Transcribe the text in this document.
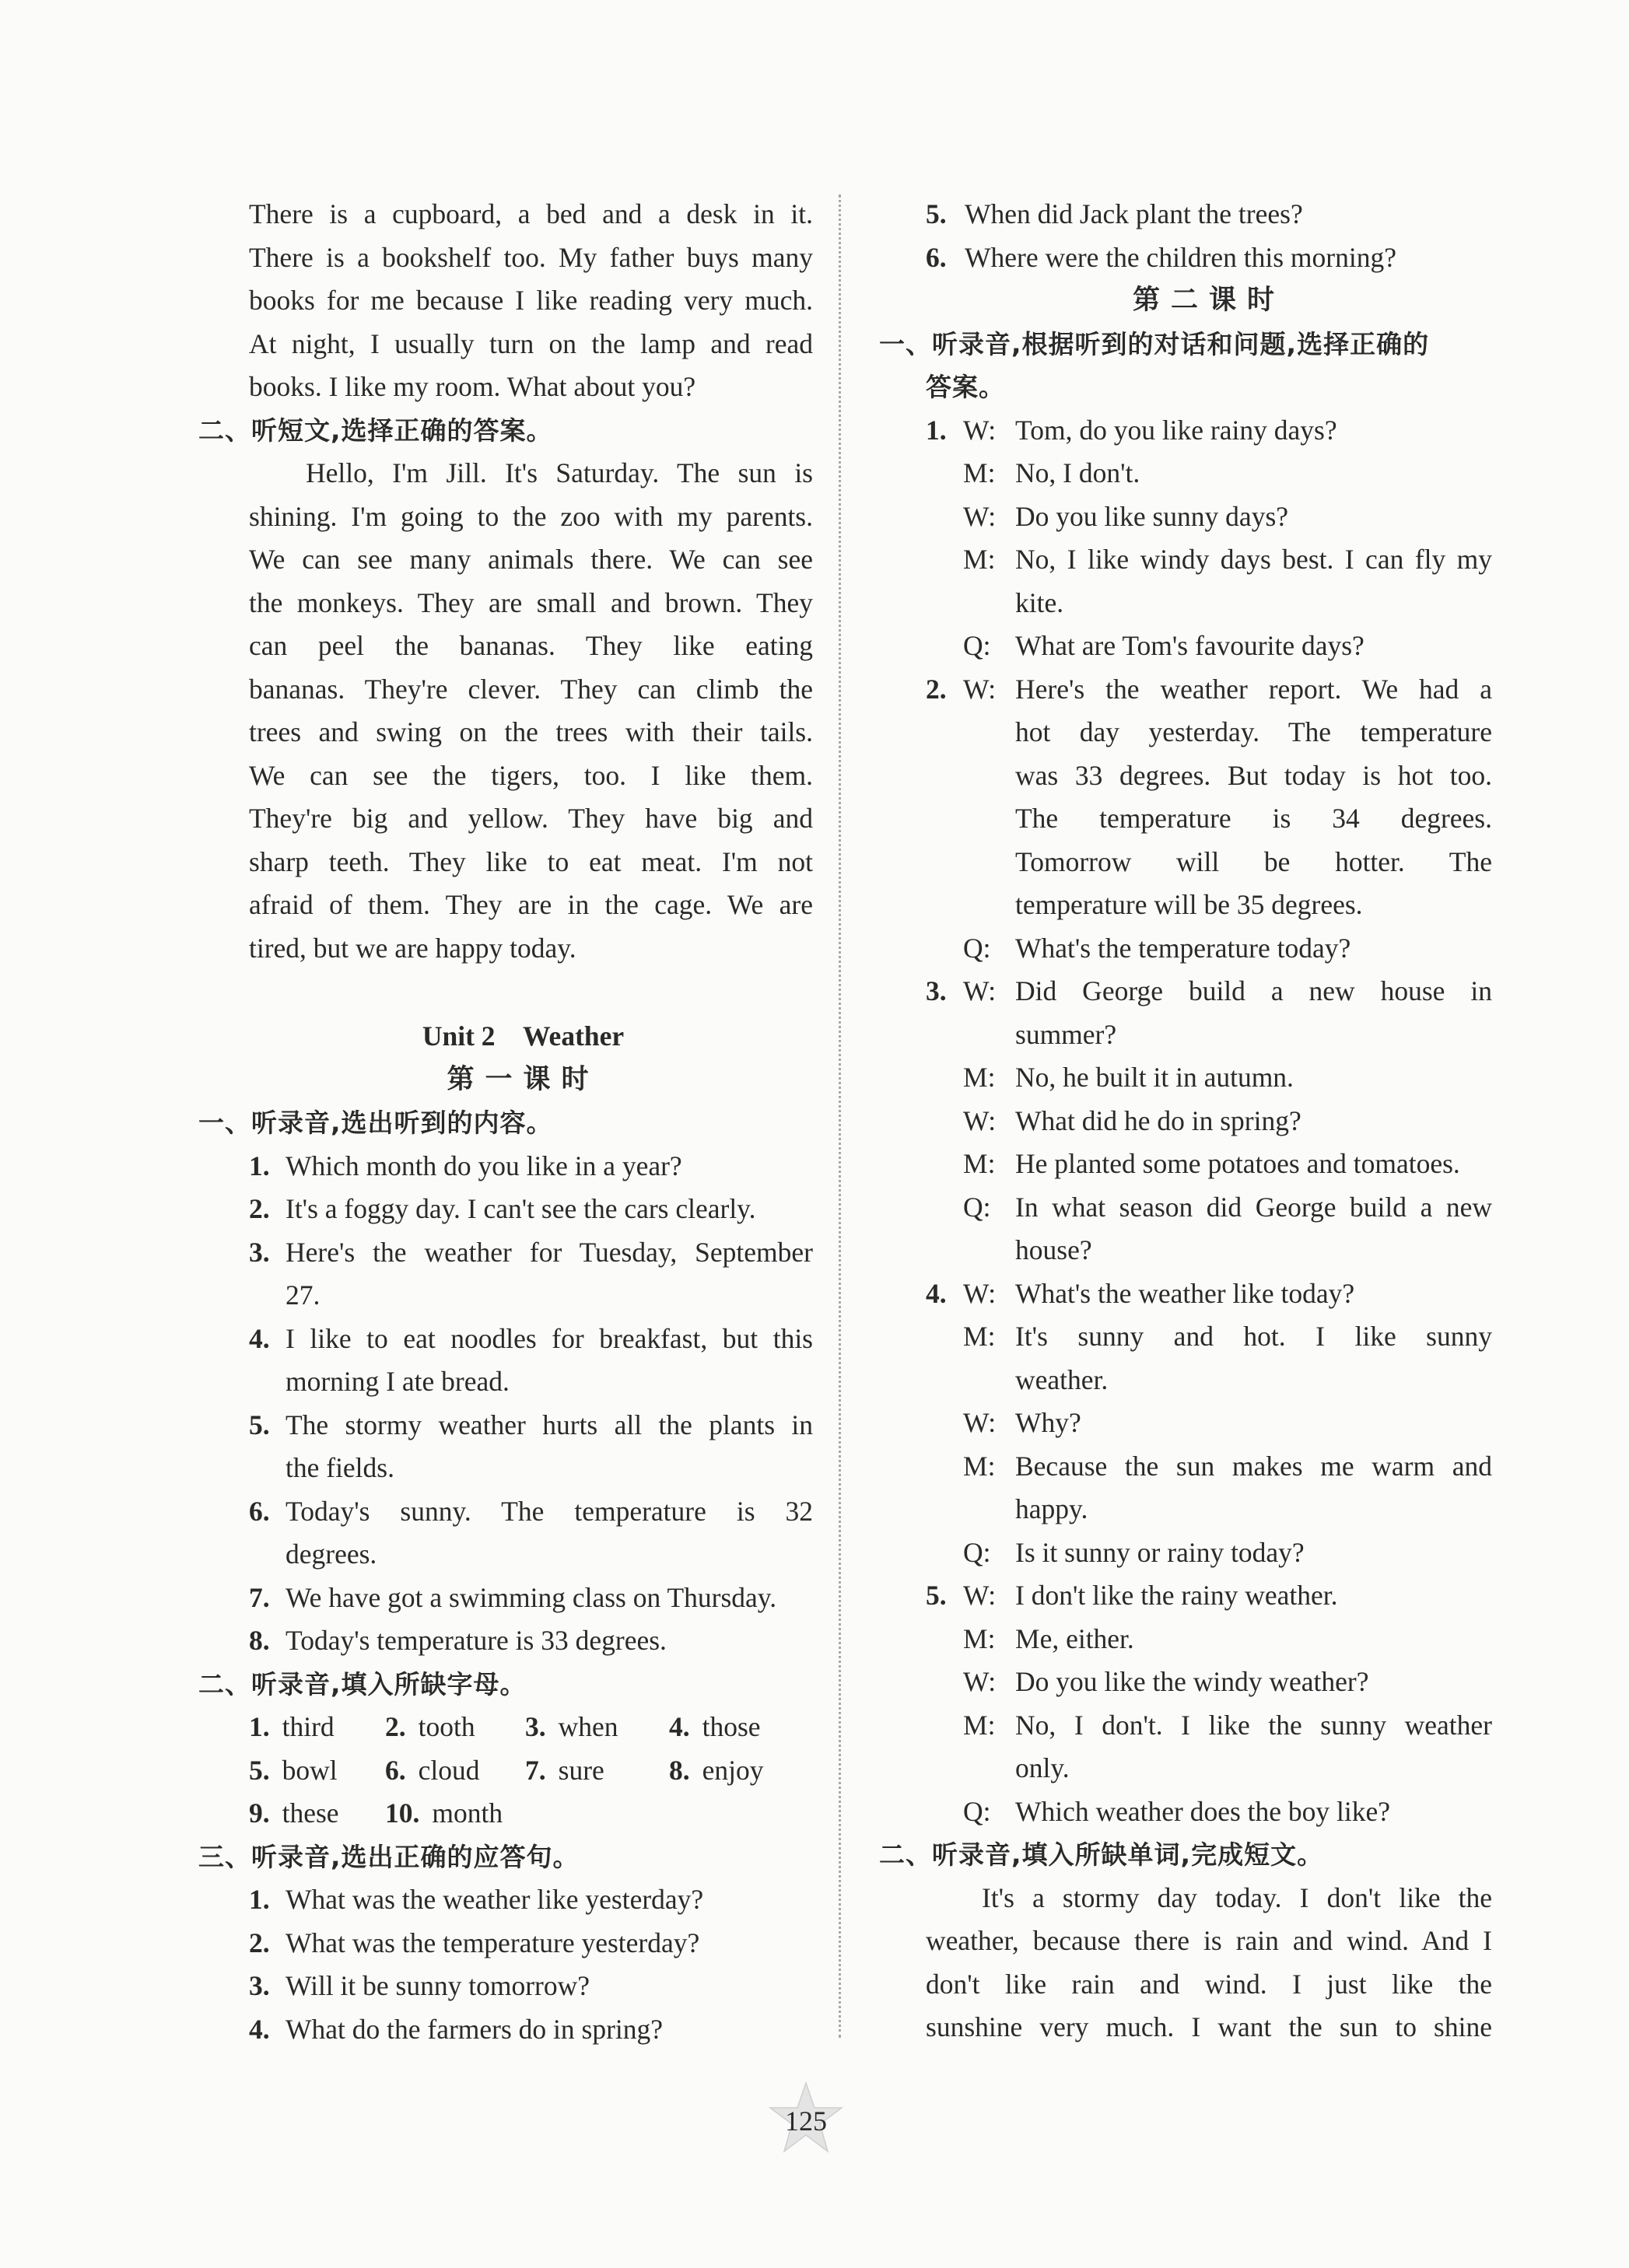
There is a cupboard, a bed and a desk in it.
There is a bookshelf too. My father buys many
books for me because I like reading very much.
At night, I usually turn on the lamp and read
books. I like my room. What about you?
二、听短文,选择正确的答案。
Hello, I'm Jill. It's Saturday. The sun is
shining. I'm going to the zoo with my parents.
We can see many animals there. We can see
the monkeys. They are small and brown. They
can peel the bananas. They like eating
bananas. They're clever. They can climb the
trees and swing on the trees with their tails.
We can see the tigers, too. I like them.
They're big and yellow. They have big and
sharp teeth. They like to eat meat. I'm not
afraid of them. They are in the cage. We are
tired, but we are happy today.
Unit 2　Weather
第一课时
一、听录音,选出听到的内容。
1. Which month do you like in a year?
2. It's a foggy day. I can't see the cars clearly.
3. Here's the weather for Tuesday, September
27.
4. I like to eat noodles for breakfast, but this
morning I ate bread.
5. The stormy weather hurts all the plants in
the fields.
6. Today's sunny. The temperature is 32
degrees.
7. We have got a swimming class on Thursday.
8. Today's temperature is 33 degrees.
二、听录音,填入所缺字母。
1. third 2. tooth 3. when 4. those
5. bowl 6. cloud 7. sure 8. enjoy
9. these 10. month
三、听录音,选出正确的应答句。
1. What was the weather like yesterday?
2. What was the temperature yesterday?
3. Will it be sunny tomorrow?
4. What do the farmers do in spring?
5. When did Jack plant the trees?
6. Where were the children this morning?
第二课时
一、听录音,根据听到的对话和问题,选择正确的
答案。
1. W: Tom, do you like rainy days?
M: No, I don't.
W: Do you like sunny days?
M: No, I like windy days best. I can fly my
kite.
Q: What are Tom's favourite days?
2. W: Here's the weather report. We had a
hot day yesterday. The temperature
was 33 degrees. But today is hot too.
The temperature is 34 degrees.
Tomorrow will be hotter. The
temperature will be 35 degrees.
Q: What's the temperature today?
3. W: Did George build a new house in
summer?
M: No, he built it in autumn.
W: What did he do in spring?
M: He planted some potatoes and tomatoes.
Q: In what season did George build a new
house?
4. W: What's the weather like today?
M: It's sunny and hot. I like sunny
weather.
W: Why?
M: Because the sun makes me warm and
happy.
Q: Is it sunny or rainy today?
5. W: I don't like the rainy weather.
M: Me, either.
W: Do you like the windy weather?
M: No, I don't. I like the sunny weather
only.
Q: Which weather does the boy like?
二、听录音,填入所缺单词,完成短文。
It's a stormy day today. I don't like the
weather, because there is rain and wind. And I
don't like rain and wind. I just like the
sunshine very much. I want the sun to shine
125
